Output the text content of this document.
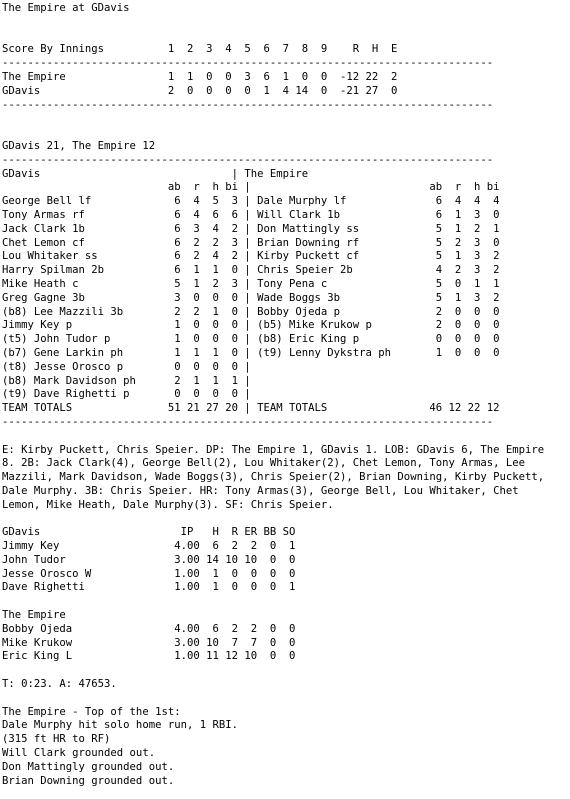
The Empire at GDavis
Score By Innings          1  2  3  4  5  6  7  8  9    R  H  E
-----------------------------------------------------------------------------
The Empire                1  1  0  0  3  6  1  0  0  -12 22  2
GDavis                    2  0  0  0  0  1  4 14  0  -21 27  0
-----------------------------------------------------------------------------
GDavis 21, The Empire 12
-----------------------------------------------------------------------------
GDavis                              | The Empire
ab  r  h bi |                            ab  r  h bi
George Bell lf             6  4  5  3 | Dale Murphy lf              6  4  4  4
Tony Armas rf              6  4  6  6 | Will Clark 1b               6  1  3  0
Jack Clark 1b              6  3  4  2 | Don Mattingly ss            5  1  2  1
Chet Lemon cf              6  2  2  3 | Brian Downing rf            5  2  3  0
Lou Whitaker ss            6  2  4  2 | Kirby Puckett cf            5  1  3  2
Harry Spilman 2b           6  1  1  0 | Chris Speier 2b             4  2  3  2
Mike Heath c               5  1  2  3 | Tony Pena c                 5  0  1  1
Greg Gagne 3b              3  0  0  0 | Wade Boggs 3b               5  1  3  2
(b8) Lee Mazzili 3b        2  2  1  0 | Bobby Ojeda p               2  0  0  0
Jimmy Key p                1  0  0  0 | (b5) Mike Krukow p          2  0  0  0
(t5) John Tudor p          1  0  0  0 | (b8) Eric King p            0  0  0  0
(b7) Gene Larkin ph        1  1  1  0 | (t9) Lenny Dykstra ph       1  0  0  0
(t8) Jesse Orosco p        0  0  0  0 |
(b8) Mark Davidson ph      2  1  1  1 |
(t9) Dave Righetti p       0  0  0  0 |
TEAM TOTALS               51 21 27 20 | TEAM TOTALS                46 12 22 12
-----------------------------------------------------------------------------
E: Kirby Puckett, Chris Speier. DP: The Empire 1, GDavis 1. LOB: GDavis 6, The Empire
8. 2B: Jack Clark(4), George Bell(2), Lou Whitaker(2), Chet Lemon, Tony Armas, Lee
Mazzili, Mark Davidson, Wade Boggs(3), Chris Speier(2), Brian Downing, Kirby Puckett,
Dale Murphy. 3B: Chris Speier. HR: Tony Armas(3), George Bell, Lou Whitaker, Chet
Lemon, Mike Heath, Dale Murphy(3). SF: Chris Speier.
GDavis                      IP   H  R ER BB SO
Jimmy Key                  4.00  6  2  2  0  1
John Tudor                 3.00 14 10 10  0  0
Jesse Orosco W             1.00  1  0  0  0  0
Dave Righetti              1.00  1  0  0  0  1
The Empire
Bobby Ojeda                4.00  6  2  2  0  0
Mike Krukow                3.00 10  7  7  0  0
Eric King L                1.00 11 12 10  0  0
T: 0:23. A: 47653.
The Empire - Top of the 1st:
Dale Murphy hit solo home run, 1 RBI.
(315 ft HR to RF)
Will Clark grounded out.
Don Mattingly grounded out.
Brian Downing grounded out.
